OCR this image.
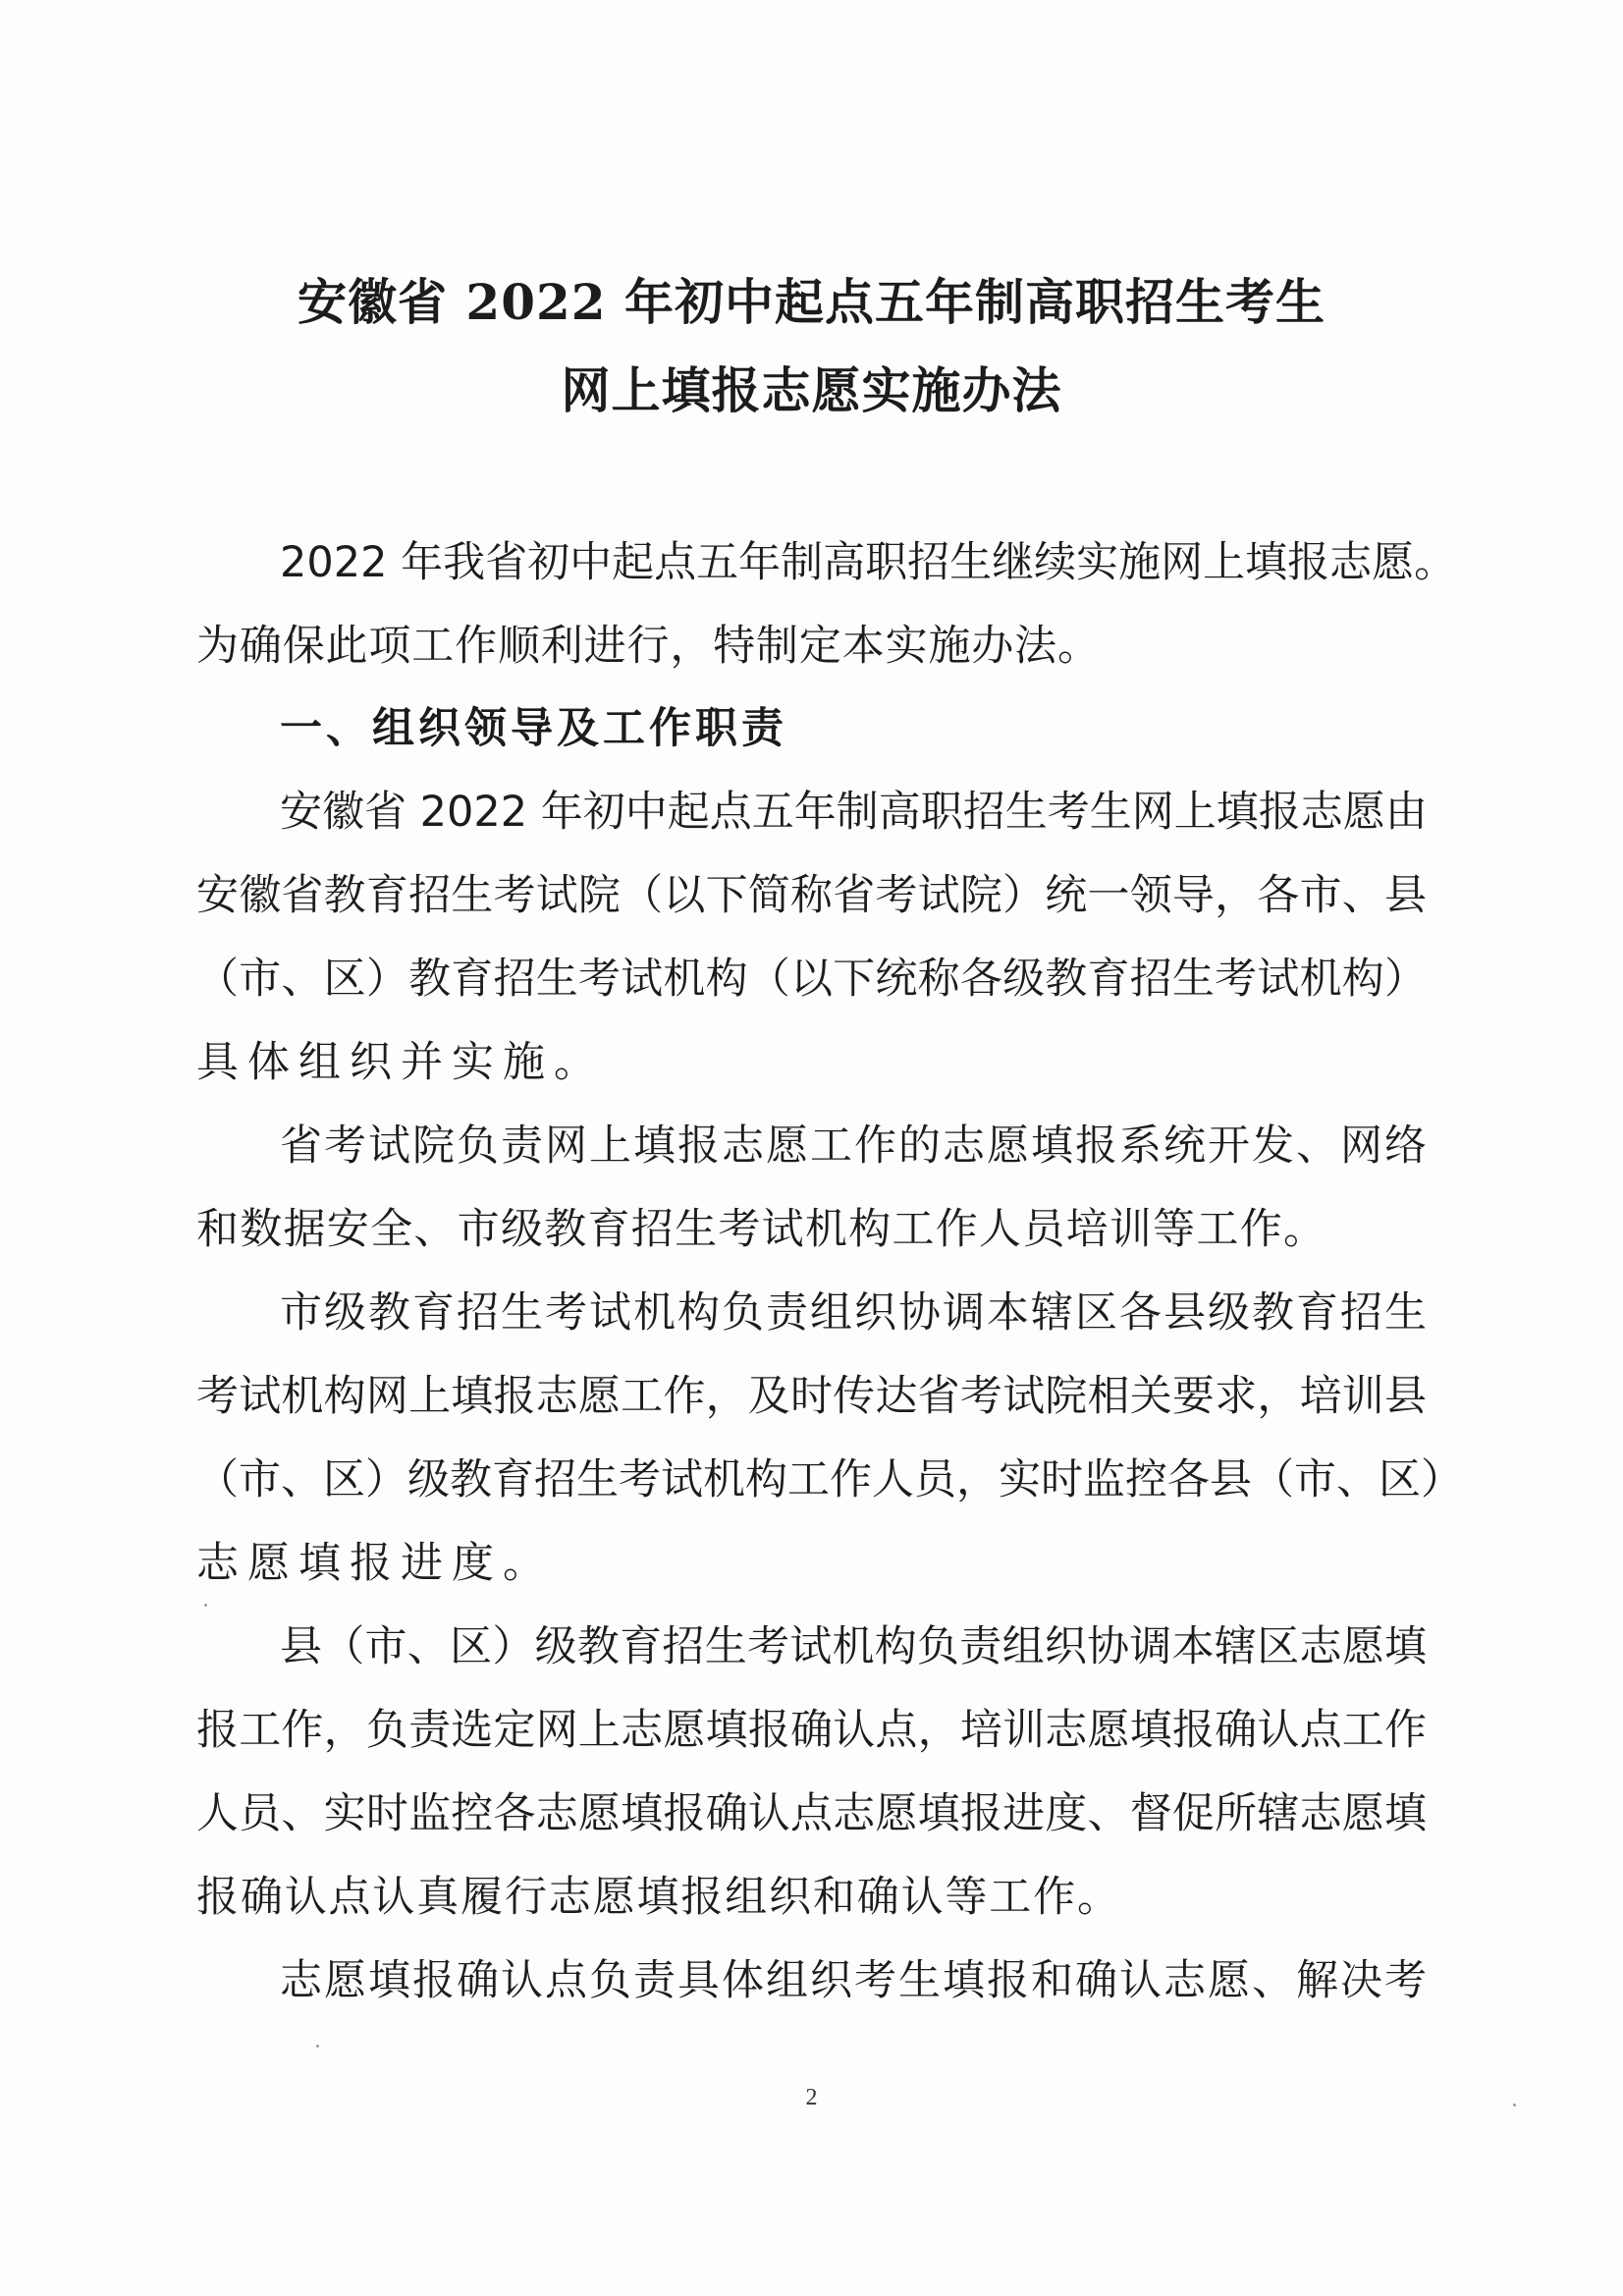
安徽省 2022 年初中起点五年制高职招生考生
网上填报志愿实施办法
2022 年我省初中起点五年制高职招生继续实施网上填报志愿。
为确保此项工作顺利进行，特制定本实施办法。
一、组织领导及工作职责
安徽省 2022 年初中起点五年制高职招生考生网上填报志愿由
安徽省教育招生考试院（以下简称省考试院）统一领导，各市、县
（市、区）教育招生考试机构（以下统称各级教育招生考试机构）
具体组织并实施。
省考试院负责网上填报志愿工作的志愿填报系统开发、网络
和数据安全、市级教育招生考试机构工作人员培训等工作。
市级教育招生考试机构负责组织协调本辖区各县级教育招生
考试机构网上填报志愿工作，及时传达省考试院相关要求，培训县
（市、区）级教育招生考试机构工作人员，实时监控各县（市、区）
志愿填报进度。
县（市、区）级教育招生考试机构负责组织协调本辖区志愿填
报工作，负责选定网上志愿填报确认点，培训志愿填报确认点工作
人员、实时监控各志愿填报确认点志愿填报进度、督促所辖志愿填
报确认点认真履行志愿填报组织和确认等工作。
志愿填报确认点负责具体组织考生填报和确认志愿、解决考
2
